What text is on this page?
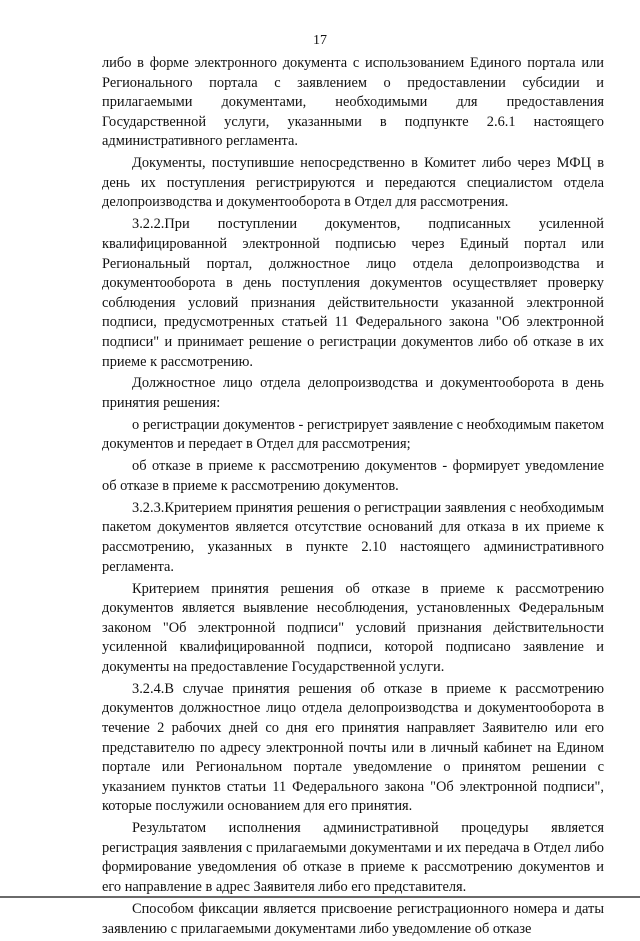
17

либо в форме электронного документа с использованием Единого портала или Регионального портала с заявлением о предоставлении субсидии и прилагаемыми документами, необходимыми для предоставления Государственной услуги, указанными в подпункте 2.6.1 настоящего административного регламента.

Документы, поступившие непосредственно в Комитет либо через МФЦ в день их поступления регистрируются и передаются специалистом отдела делопроизводства и документооборота в Отдел для рассмотрения.

3.2.2.При поступлении документов, подписанных усиленной квалифицированной электронной подписью через Единый портал или Региональный портал, должностное лицо отдела делопроизводства и документооборота в день поступления документов осуществляет проверку соблюдения условий признания действительности указанной электронной подписи, предусмотренных статьей 11 Федерального закона "Об электронной подписи" и принимает решение о регистрации документов либо об отказе в их приеме к рассмотрению.

Должностное лицо отдела делопроизводства и документооборота в день принятия решения:

о регистрации документов - регистрирует заявление с необходимым пакетом документов и передает в Отдел для рассмотрения;

об отказе в приеме к рассмотрению документов - формирует уведомление об отказе в приеме к рассмотрению документов.

3.2.3.Критерием принятия решения о регистрации заявления с необходимым пакетом документов является отсутствие оснований для отказа в их приеме к рассмотрению, указанных в пункте 2.10 настоящего административного регламента.

Критерием принятия решения об отказе в приеме к рассмотрению документов является выявление несоблюдения, установленных Федеральным законом "Об электронной подписи" условий признания действительности усиленной квалифицированной подписи, которой подписано заявление и документы на предоставление Государственной услуги.

3.2.4.В случае принятия решения об отказе в приеме к рассмотрению документов должностное лицо отдела делопроизводства и документооборота в течение 2 рабочих дней со дня его принятия направляет Заявителю или его представителю по адресу электронной почты или в личный кабинет на Едином портале или Региональном портале уведомление о принятом решении с указанием пунктов статьи 11 Федерального закона "Об электронной подписи", которые послужили основанием для его принятия.

Результатом исполнения административной процедуры является регистрация заявления с прилагаемыми документами и их передача в Отдел либо формирование уведомления об отказе в приеме к рассмотрению документов и его направление в адрес Заявителя либо его представителя.

Способом фиксации является присвоение регистрационного номера и даты заявлению с прилагаемыми документами либо уведомление об отказе
